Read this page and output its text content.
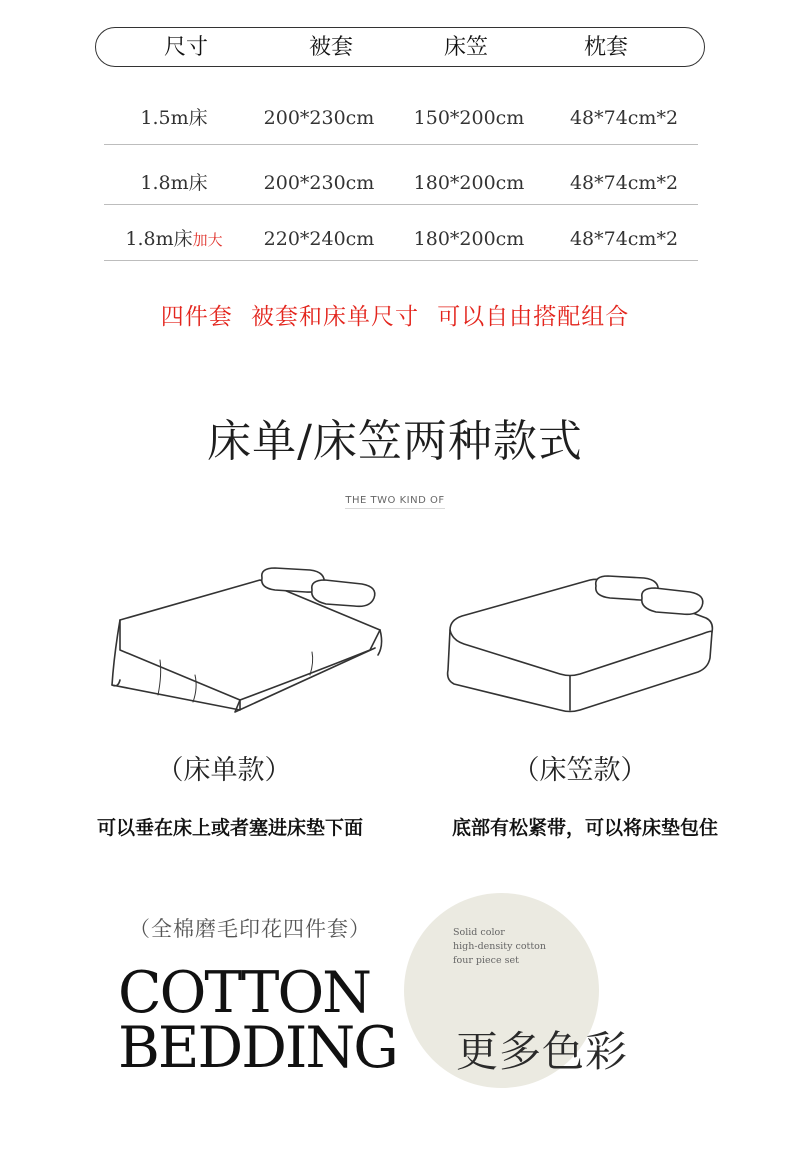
尺寸	被套	床笠	枕套
1.5m床	200*230cm	150*200cm	48*74cm*2
1.8m床	200*230cm	180*200cm	48*74cm*2
1.8m床加大	220*240cm	180*200cm	48*74cm*2
四件套 被套和床单尺寸 可以自由搭配组合
床单/床笠两种款式
THE TWO KIND OF
（床单款）	（床笠款）
可以垂在床上或者塞进床垫下面	底部有松紧带，可以将床垫包住
（全棉磨毛印花四件套）
COTTON
BEDDING
Solid color
high-density cotton
four piece set
更多色彩
